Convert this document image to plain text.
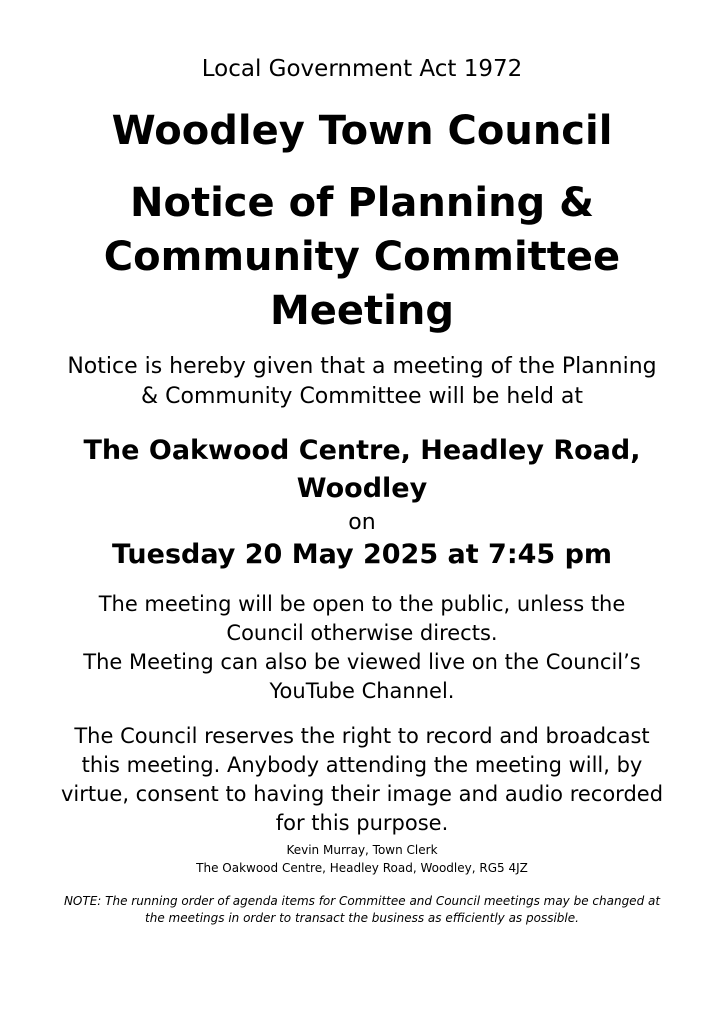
Local Government Act 1972

Woodley Town Council
Notice of Planning & Community Committee Meeting

Notice is hereby given that a meeting of the Planning & Community Committee will be held at

The Oakwood Centre, Headley Road, Woodley

on

Tuesday 20 May 2025 at 7:45 pm

The meeting will be open to the public, unless the Council otherwise directs.
The Meeting can also be viewed live on the Council’s YouTube Channel.

The Council reserves the right to record and broadcast this meeting. Anybody attending the meeting will, by virtue, consent to having their image and audio recorded for this purpose.

Kevin Murray, Town Clerk

The Oakwood Centre, Headley Road, Woodley, RG5 4JZ

NOTE: The running order of agenda items for Committee and Council meetings may be changed at the meetings in order to transact the business as efficiently as possible.
